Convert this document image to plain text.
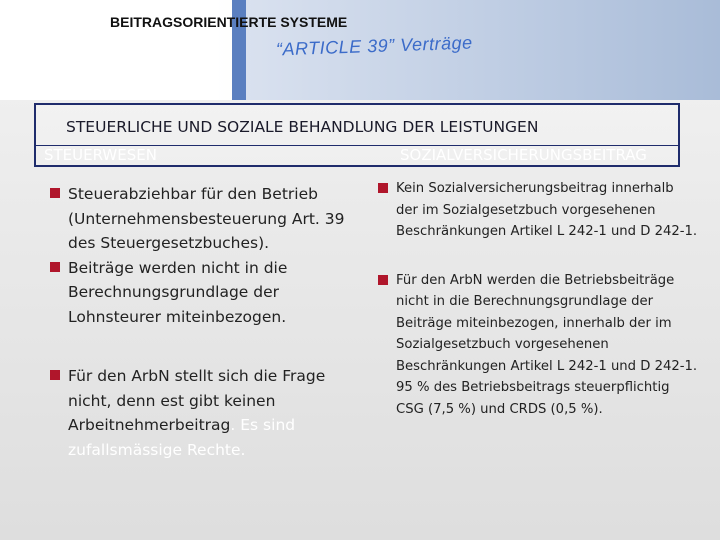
BEITRAGSORIENTIERTE SYSTEME
“ARTICLE 39” Verträge
STEUERLICHE UND SOZIALE BEHANDLUNG DER LEISTUNGEN
STEUERWESEN	SOZIALVERSICHERUNGSBEITRAG
Steuerabziehbar für den Betrieb (Unternehmensbesteuerung Art. 39 des Steuergesetzbuches).
Beiträge werden nicht in die Berechnungsgrundlage der Lohnsteurer miteinbezogen.
Für den ArbN stellt sich die Frage nicht, denn est gibt keinen Arbeitnehmerbeitrag. Es sind zufallsmässige Rechte.
Kein Sozialversicherungsbeitrag innerhalb der im Sozialgesetzbuch vorgesehenen Beschränkungen Artikel L 242-1 und D 242-1.
Für den ArbN werden die Betriebsbeiträge nicht in die Berechnungsgrundlage der Beiträge miteinbezogen, innerhalb der im Sozialgesetzbuch vorgesehenen Beschränkungen Artikel L 242-1 und D 242-1. 95 % des Betriebsbeitrags steuerpflichtig CSG (7,5 %) und CRDS (0,5 %).
